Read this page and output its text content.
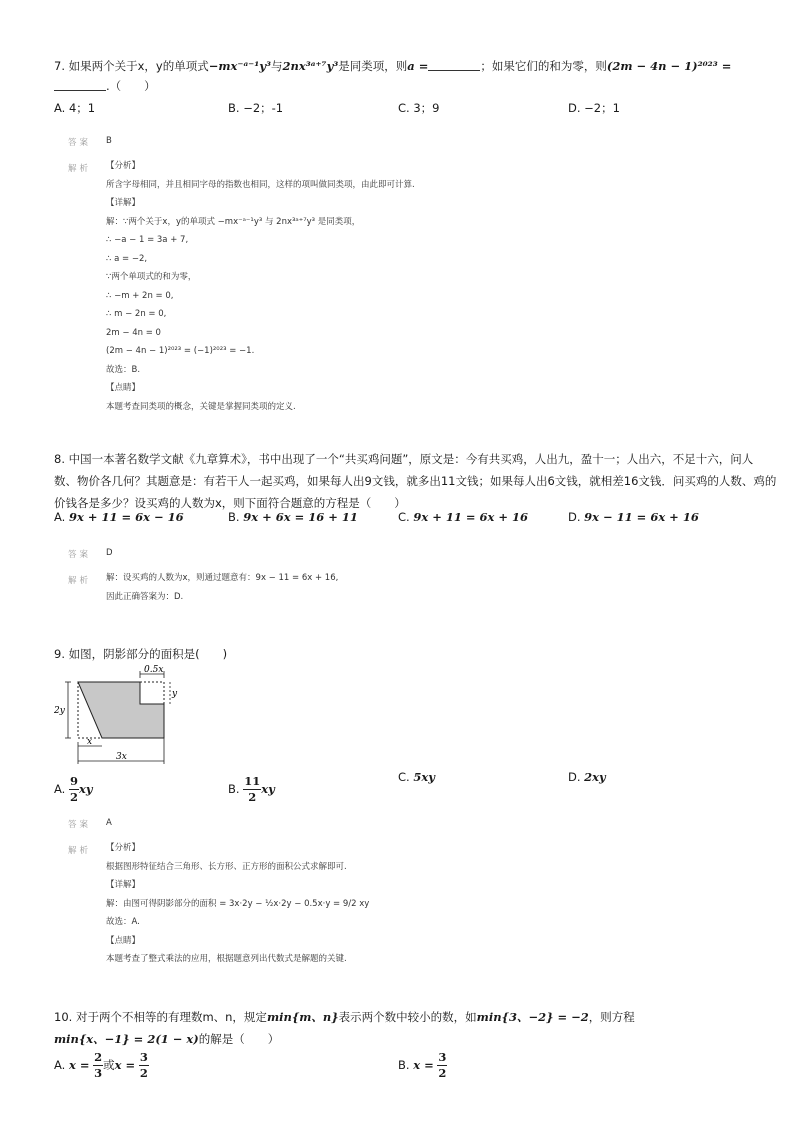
7. 如果两个关于x，y的单项式−mx⁻ᵃ⁻¹y³与2nx³ᵃ⁺⁷y³是同类项，则a =	；如果它们的和为零，则(2m − 4n − 1)²⁰²³ =
.（　　）
A. 4；1	B. −2；-1	C. 3；9	D. −2；1
答案 B
解析 【分析】
所含字母相同，并且相同字母的指数也相同，这样的项叫做同类项，由此即可计算.
【详解】
解：∵两个关于x，y的单项式 −mx⁻ᵃ⁻¹y³ 与 2nx³ᵃ⁺⁷y³ 是同类项，
∴ −a − 1 = 3a + 7,
∴ a = −2,
∵两个单项式的和为零，
∴ −m + 2n = 0,
∴ m − 2n = 0,
2m − 4n = 0
(2m − 4n − 1)²⁰²³ = (−1)²⁰²³ = −1.
故选：B.
【点睛】
本题考查同类项的概念，关键是掌握同类项的定义.
8. 中国一本著名数学文献《九章算术》，书中出现了一个“共买鸡问题”，原文是：今有共买鸡，人出九，盈十一；人出六，不足十六，问人
数、物价各几何？其题意是：有若干人一起买鸡，如果每人出9文钱，就多出11文钱；如果每人出6文钱，就相差16文钱．问买鸡的人数、鸡的
价钱各是多少？设买鸡的人数为x，则下面符合题意的方程是（　　）
A. 9x + 11 = 6x − 16	B. 9x + 6x = 16 + 11	C. 9x + 11 = 6x + 16	D. 9x − 11 = 6x + 16
答案 D
解析 解：设买鸡的人数为x，则通过题意有：9x − 11 = 6x + 16,
因此正确答案为：D.
9. 如图，阴影部分的面积是(　　)
0.5x
y
2y
x
3x
A. $\frac{9}{2}$ xy	B. $\frac{11}{2}$ xy
C. 5xy	D. 2xy
答案 A
解析 【分析】
根据图形特征结合三角形、长方形、正方形的面积公式求解即可.
【详解】
解：由图可得阴影部分的面积 = 3x·2y − ½x·2y − 0.5x·y = 9/2 xy
故选：A.
【点睛】
本题考查了整式乘法的应用，根据题意列出代数式是解题的关键.
10. 对于两个不相等的有理数m、n，规定min{m、n}表示两个数中较小的数，如min{3、−2} = −2，则方程
min{x、−1} = 2(1 − x)的解是（　　）
A. $x = \frac{2}{3}$ 或$x = \frac{3}{2}$	B. $x = \frac{3}{2}$
